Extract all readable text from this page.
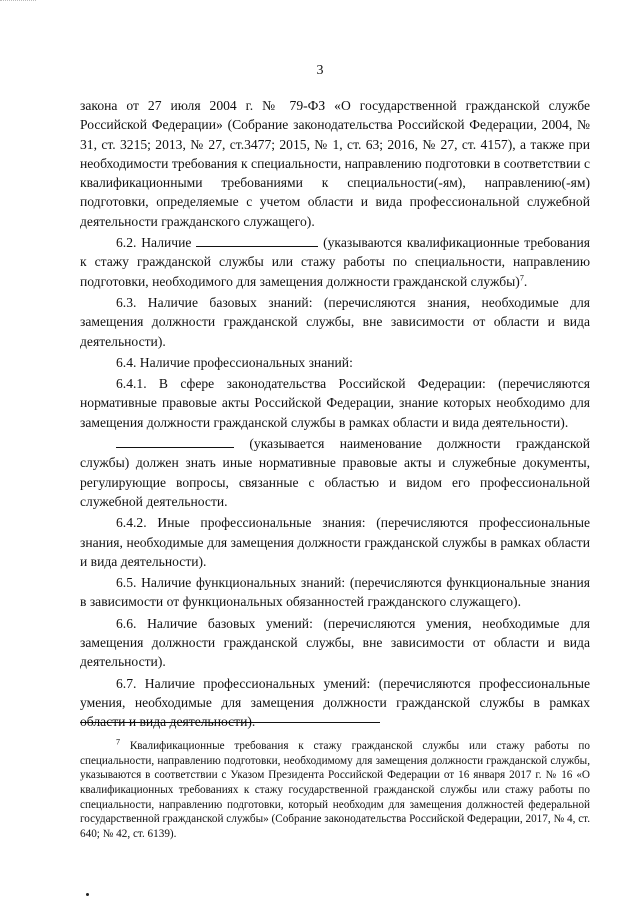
3

закона от 27 июля 2004 г. № 79-ФЗ «О государственной гражданской службе Российской Федерации» (Собрание законодательства Российской Федерации, 2004, № 31, ст. 3215; 2013, № 27, ст.3477; 2015, № 1, ст. 63; 2016, № 27, ст. 4157), а также при необходимости требования к специальности, направлению подготовки в соответствии с квалификационными требованиями к специальности(-ям), направлению(-ям) подготовки, определяемые с учетом области и вида профессиональной служебной деятельности гражданского служащего).

6.2. Наличие	(указываются квалификационные требования к стажу гражданской службы или стажу работы по специальности, направлению подготовки, необходимого для замещения должности гражданской службы)$^7$.

6.3. Наличие базовых знаний: (перечисляются знания, необходимые для замещения должности гражданской службы, вне зависимости от области и вида деятельности).

6.4. Наличие профессиональных знаний:

6.4.1. В сфере законодательства Российской Федерации: (перечисляются нормативные правовые акты Российской Федерации, знание которых необходимо для замещения должности гражданской службы в рамках области и вида деятельности).

(указывается наименование должности гражданской службы) должен знать иные нормативные правовые акты и служебные документы, регулирующие вопросы, связанные с областью и видом его профессиональной служебной деятельности.

6.4.2. Иные профессиональные знания: (перечисляются профессиональные знания, необходимые для замещения должности гражданской службы в рамках области и вида деятельности).

6.5. Наличие функциональных знаний: (перечисляются функциональные знания в зависимости от функциональных обязанностей гражданского служащего).

6.6. Наличие базовых умений: (перечисляются умения, необходимые для замещения должности гражданской службы, вне зависимости от области и вида деятельности).

6.7. Наличие профессиональных умений: (перечисляются профессиональные умения, необходимые для замещения должности гражданской службы в рамках области и вида деятельности).

$^7$ Квалификационные требования к стажу гражданской службы или стажу работы по специальности, направлению подготовки, необходимому для замещения должности гражданской службы, указываются в соответствии с Указом Президента Российской Федерации от 16 января 2017 г. № 16 «О квалификационных требованиях к стажу государственной гражданской службы или стажу работы по специальности, направлению подготовки, который необходим для замещения должностей федеральной государственной гражданской службы» (Собрание законодательства Российской Федерации, 2017, № 4, ст. 640; № 42, ст. 6139).
